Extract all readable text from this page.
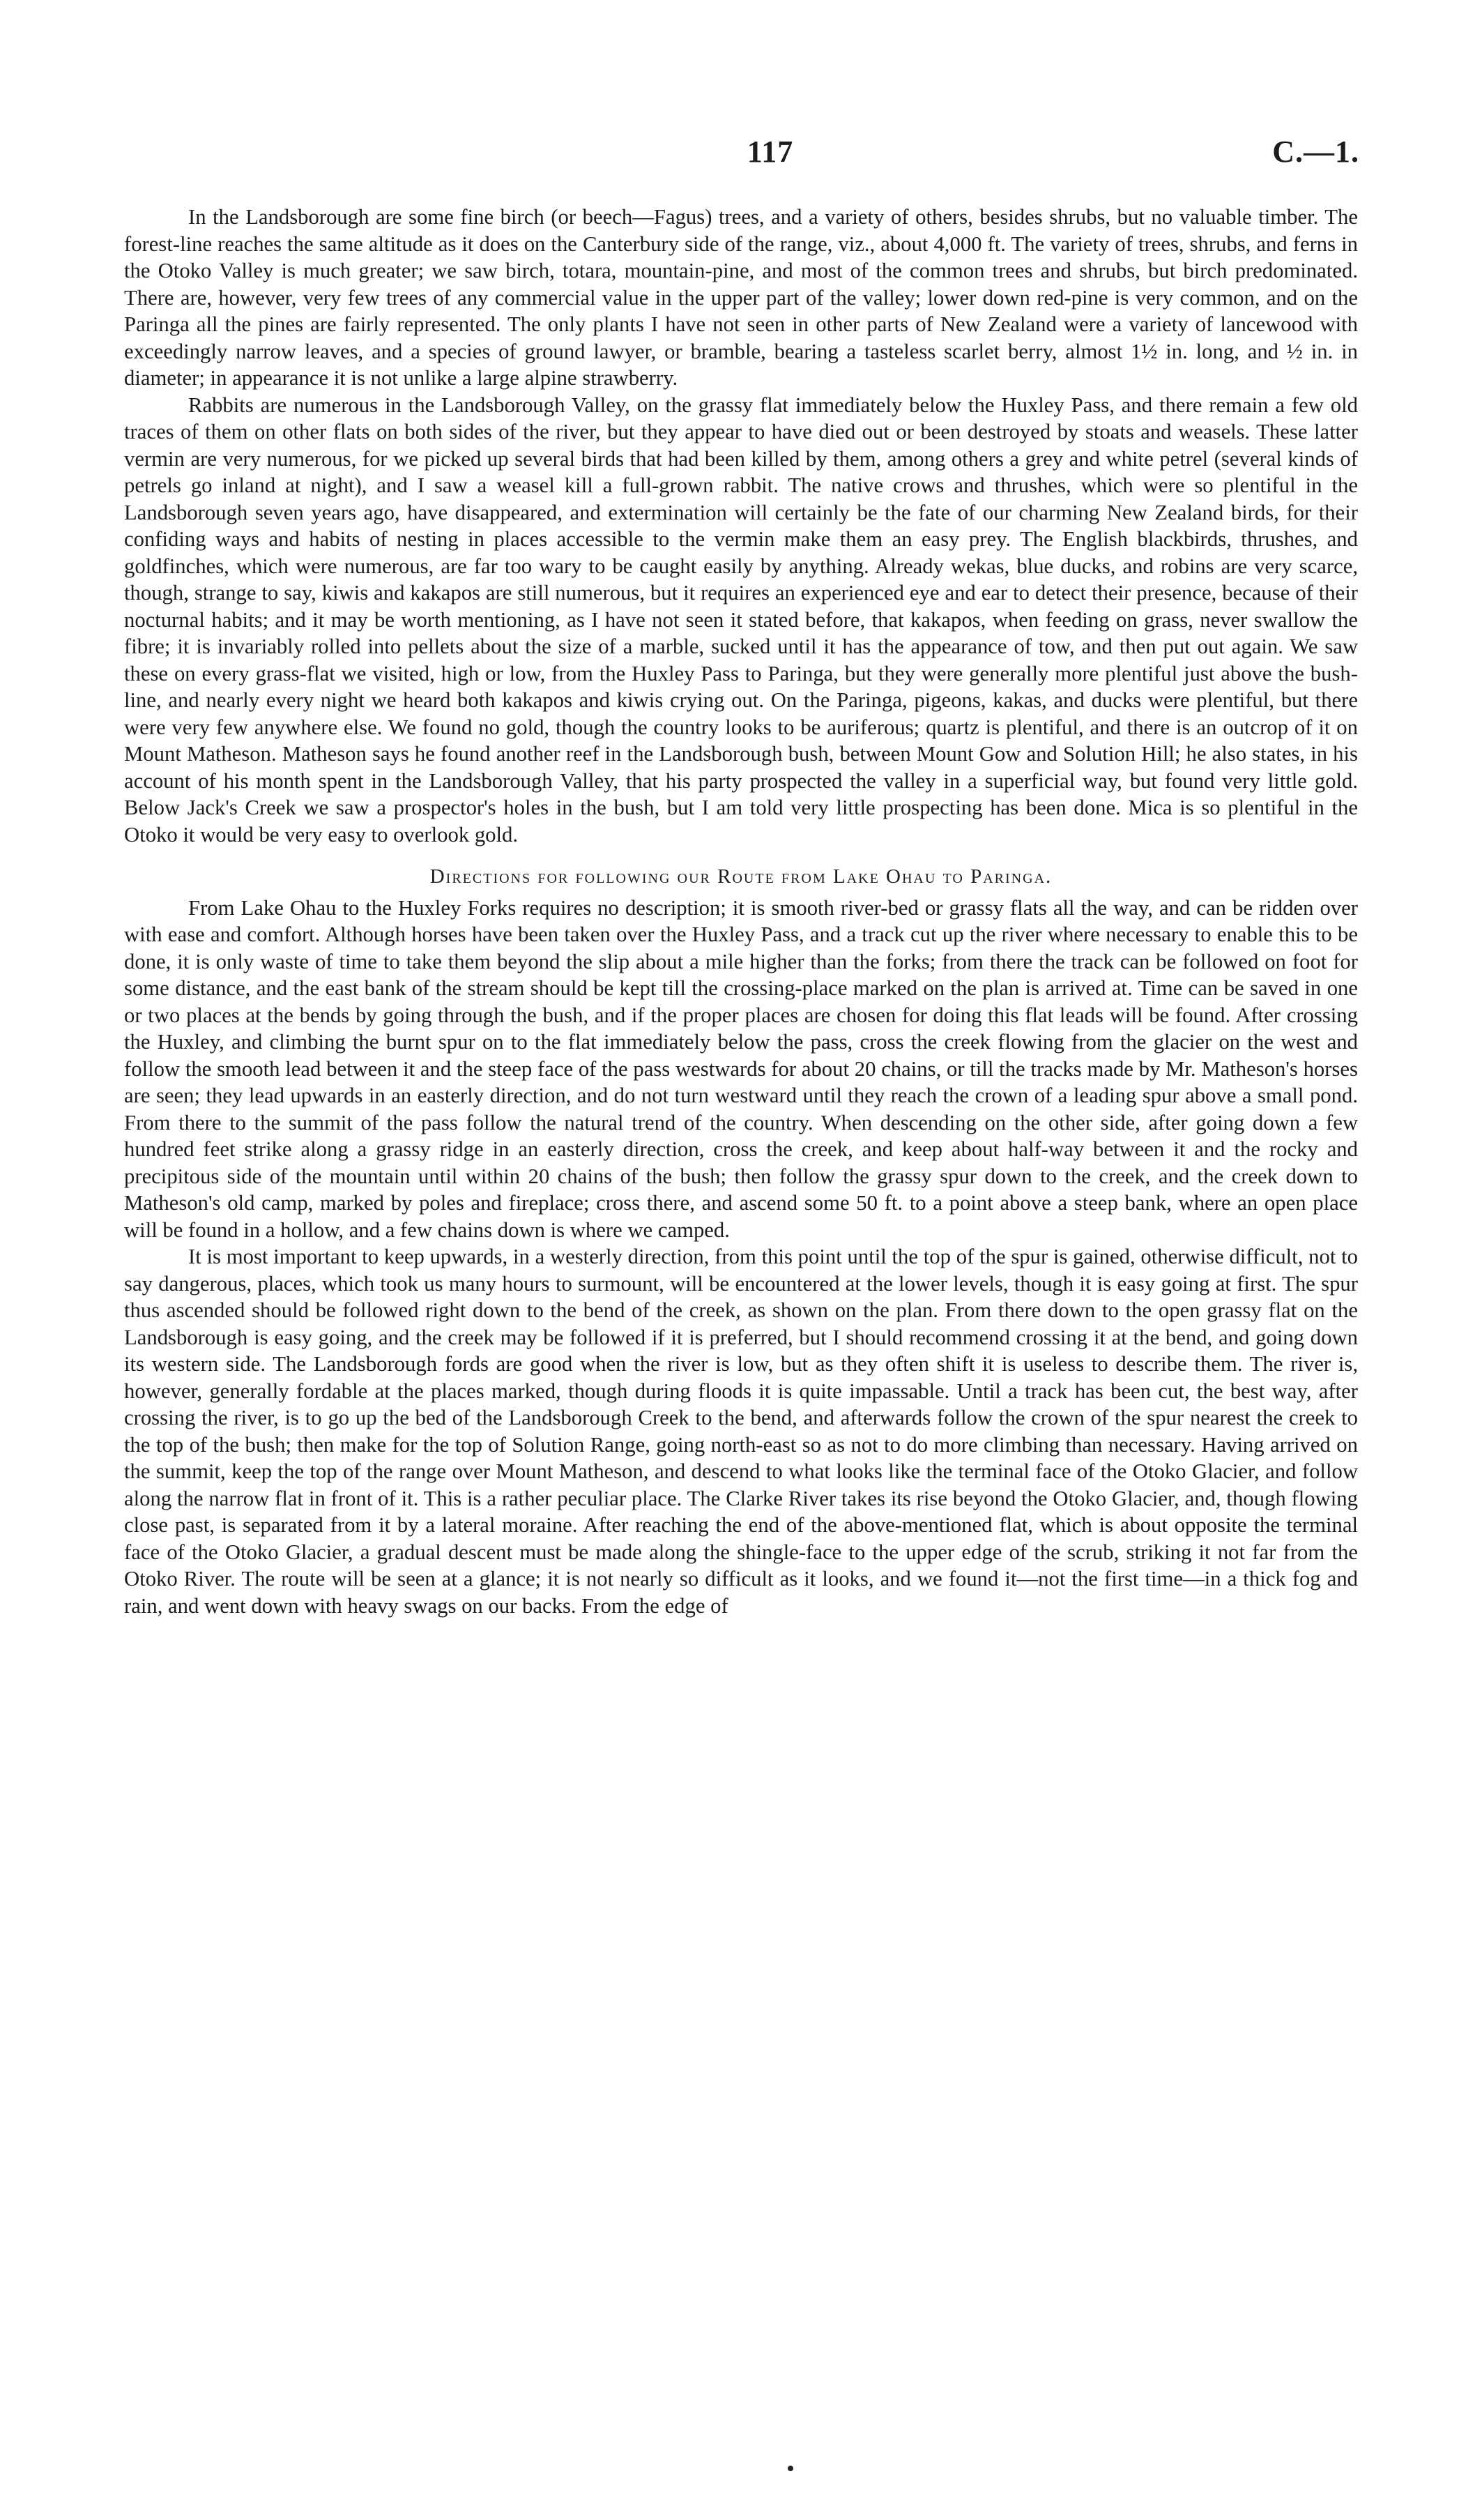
117	C.—1.

In the Landsborough are some fine birch (or beech—Fagus) trees, and a variety of others, besides shrubs, but no valuable timber. The forest-line reaches the same altitude as it does on the Canterbury side of the range, viz., about 4,000 ft. The variety of trees, shrubs, and ferns in the Otoko Valley is much greater; we saw birch, totara, mountain-pine, and most of the common trees and shrubs, but birch predominated. There are, however, very few trees of any commercial value in the upper part of the valley; lower down red-pine is very common, and on the Paringa all the pines are fairly represented. The only plants I have not seen in other parts of New Zealand were a variety of lancewood with exceedingly narrow leaves, and a species of ground lawyer, or bramble, bearing a tasteless scarlet berry, almost 1½ in. long, and ½ in. in diameter; in appearance it is not unlike a large alpine strawberry.

Rabbits are numerous in the Landsborough Valley, on the grassy flat immediately below the Huxley Pass, and there remain a few old traces of them on other flats on both sides of the river, but they appear to have died out or been destroyed by stoats and weasels. These latter vermin are very numerous, for we picked up several birds that had been killed by them, among others a grey and white petrel (several kinds of petrels go inland at night), and I saw a weasel kill a full-grown rabbit. The native crows and thrushes, which were so plentiful in the Landsborough seven years ago, have disappeared, and extermination will certainly be the fate of our charming New Zealand birds, for their confiding ways and habits of nesting in places accessible to the vermin make them an easy prey. The English blackbirds, thrushes, and goldfinches, which were numerous, are far too wary to be caught easily by anything. Already wekas, blue ducks, and robins are very scarce, though, strange to say, kiwis and kakapos are still numerous, but it requires an experienced eye and ear to detect their presence, because of their nocturnal habits; and it may be worth mentioning, as I have not seen it stated before, that kakapos, when feeding on grass, never swallow the fibre; it is invariably rolled into pellets about the size of a marble, sucked until it has the appearance of tow, and then put out again. We saw these on every grass-flat we visited, high or low, from the Huxley Pass to Paringa, but they were generally more plentiful just above the bush-line, and nearly every night we heard both kakapos and kiwis crying out. On the Paringa, pigeons, kakas, and ducks were plentiful, but there were very few anywhere else. We found no gold, though the country looks to be auriferous; quartz is plentiful, and there is an outcrop of it on Mount Matheson. Matheson says he found another reef in the Landsborough bush, between Mount Gow and Solution Hill; he also states, in his account of his month spent in the Landsborough Valley, that his party prospected the valley in a superficial way, but found very little gold. Below Jack's Creek we saw a prospector's holes in the bush, but I am told very little prospecting has been done. Mica is so plentiful in the Otoko it would be very easy to overlook gold.

Directions for following our Route from Lake Ohau to Paringa.

From Lake Ohau to the Huxley Forks requires no description; it is smooth river-bed or grassy flats all the way, and can be ridden over with ease and comfort. Although horses have been taken over the Huxley Pass, and a track cut up the river where necessary to enable this to be done, it is only waste of time to take them beyond the slip about a mile higher than the forks; from there the track can be followed on foot for some distance, and the east bank of the stream should be kept till the crossing-place marked on the plan is arrived at. Time can be saved in one or two places at the bends by going through the bush, and if the proper places are chosen for doing this flat leads will be found. After crossing the Huxley, and climbing the burnt spur on to the flat immediately below the pass, cross the creek flowing from the glacier on the west and follow the smooth lead between it and the steep face of the pass westwards for about 20 chains, or till the tracks made by Mr. Matheson's horses are seen; they lead upwards in an easterly direction, and do not turn westward until they reach the crown of a leading spur above a small pond. From there to the summit of the pass follow the natural trend of the country. When descending on the other side, after going down a few hundred feet strike along a grassy ridge in an easterly direction, cross the creek, and keep about half-way between it and the rocky and precipitous side of the mountain until within 20 chains of the bush; then follow the grassy spur down to the creek, and the creek down to Matheson's old camp, marked by poles and fireplace; cross there, and ascend some 50 ft. to a point above a steep bank, where an open place will be found in a hollow, and a few chains down is where we camped.

It is most important to keep upwards, in a westerly direction, from this point until the top of the spur is gained, otherwise difficult, not to say dangerous, places, which took us many hours to surmount, will be encountered at the lower levels, though it is easy going at first. The spur thus ascended should be followed right down to the bend of the creek, as shown on the plan. From there down to the open grassy flat on the Landsborough is easy going, and the creek may be followed if it is preferred, but I should recommend crossing it at the bend, and going down its western side. The Landsborough fords are good when the river is low, but as they often shift it is useless to describe them. The river is, however, generally fordable at the places marked, though during floods it is quite impassable. Until a track has been cut, the best way, after crossing the river, is to go up the bed of the Landsborough Creek to the bend, and afterwards follow the crown of the spur nearest the creek to the top of the bush; then make for the top of Solution Range, going north-east so as not to do more climbing than necessary. Having arrived on the summit, keep the top of the range over Mount Matheson, and descend to what looks like the terminal face of the Otoko Glacier, and follow along the narrow flat in front of it. This is a rather peculiar place. The Clarke River takes its rise beyond the Otoko Glacier, and, though flowing close past, is separated from it by a lateral moraine. After reaching the end of the above-mentioned flat, which is about opposite the terminal face of the Otoko Glacier, a gradual descent must be made along the shingle-face to the upper edge of the scrub, striking it not far from the Otoko River. The route will be seen at a glance; it is not nearly so difficult as it looks, and we found it—not the first time—in a thick fog and rain, and went down with heavy swags on our backs. From the edge of
